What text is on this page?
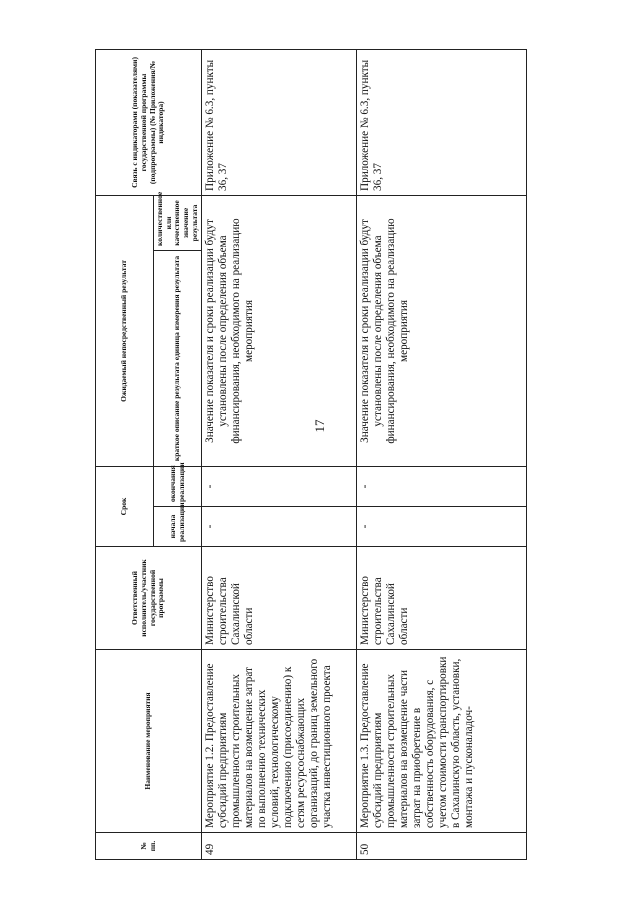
17
№ пп.	Наименование мероприятия	Ответственный исполнитель/участник государственной программы	Срок		Ожидаемый непосредственный результат		Связь с индикаторами (показателями) государственной программы (подпрограммы) (№ Приложения/№ индикатора)
			начала реализации	окончания реализации	краткое описание результата единица измерения результата	количественное или качественное значение результата	
49	Мероприятие 1.2. Предоставление субсидий предприятиям промышленности строительных материалов на возмещение затрат по выполнению технических условий, технологическому подключению (присоединению) к сетям ресурсоснабжающих организаций, до границ земельного участка инвестиционного проекта	Министерство строительства Сахалинской области	-	-	Значение показателя и сроки реализации будут установлены после определения объема финансирования, необходимого на реализацию мероприятия		Приложение № 6.3, пункты 36, 37
50	Мероприятие 1.3. Предоставление субсидий предприятиям промышленности строительных материалов на возмещение части затрат на приобретение в собственность оборудования, с учетом стоимости транспортировки в Сахалинскую область, установки, монтажа и пусконаладоч-	Министерство строительства Сахалинской области	-	-	Значение показателя и сроки реализации будут установлены после определения объема финансирования, необходимого на реализацию мероприятия		Приложение № 6.3, пункты 36, 37
